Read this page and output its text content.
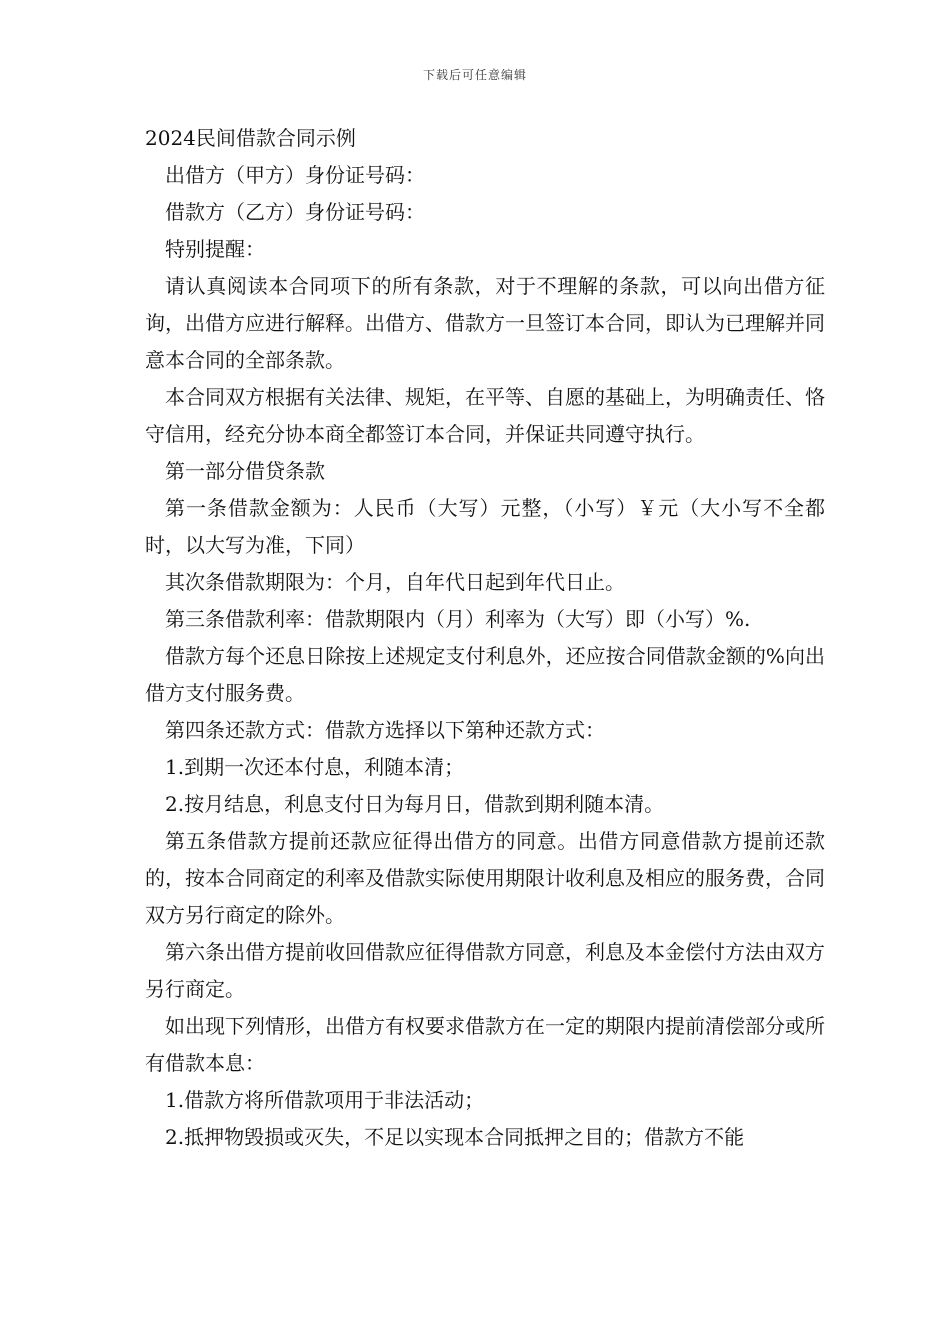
下载后可任意编辑

2024民间借款合同示例

出借方（甲方）身份证号码：

借款方（乙方）身份证号码：

特别提醒：

请认真阅读本合同项下的所有条款，对于不理解的条款，可以向出借方征询，出借方应进行解释。出借方、借款方一旦签订本合同，即认为已理解并同意本合同的全部条款。

本合同双方根据有关法律、规矩，在平等、自愿的基础上，为明确责任、恪守信用，经充分协本商全都签订本合同，并保证共同遵守执行。

第一部分借贷条款

第一条借款金额为：人民币（大写）元整，（小写）￥元（大小写不全都时，以大写为准，下同）

其次条借款期限为：个月，自年代日起到年代日止。

第三条借款利率：借款期限内（月）利率为（大写）即（小写）%.

借款方每个还息日除按上述规定支付利息外，还应按合同借款金额的%向出借方支付服务费。

第四条还款方式：借款方选择以下第种还款方式：

1.到期一次还本付息，利随本清；

2.按月结息，利息支付日为每月日，借款到期利随本清。

第五条借款方提前还款应征得出借方的同意。出借方同意借款方提前还款的，按本合同商定的利率及借款实际使用期限计收利息及相应的服务费，合同双方另行商定的除外。

第六条出借方提前收回借款应征得借款方同意，利息及本金偿付方法由双方另行商定。

如出现下列情形，出借方有权要求借款方在一定的期限内提前清偿部分或所有借款本息：

1.借款方将所借款项用于非法活动；

2.抵押物毁损或灭失，不足以实现本合同抵押之目的；借款方不能
